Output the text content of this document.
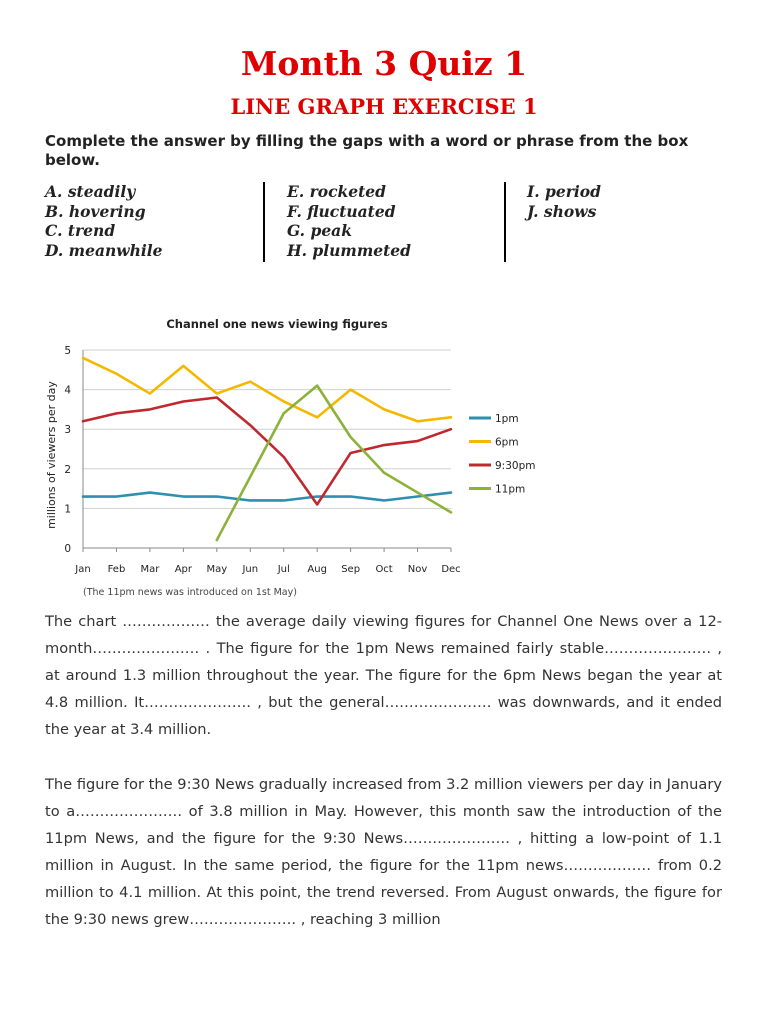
Month 3 Quiz 1
LINE GRAPH EXERCISE 1
Complete the answer by filling the gaps with a word or phrase from the box below.
A. steadily
B. hovering
C. trend
D. meanwhile
E. rocketed
F. fluctuated
G. peak
H. plummeted
I. period
J. shows
Channel one news viewing figures
0
1
2
3
4
5
Jan Feb Mar Apr May Jun Jul Aug Sep Oct Nov Dec
millions of viewers per day	1pm
6pm
9:30pm
11pm
(The 11pm news was introduced on 1st May)
The chart ……………… the average daily viewing figures for Channel One News over a 12-month…………………. . The figure for the 1pm News remained fairly stable…………………. , at around 1.3 million throughout the year. The figure for the 6pm News began the year at 4.8 million. It…………………. , but the general…………………. was downwards, and it ended the year at 3.4 million.
The figure for the 9:30 News gradually increased from 3.2 million viewers per day in January to a…………………. of 3.8 million in May. However, this month saw the introduction of the 11pm News, and the figure for the 9:30 News…………………. , hitting a low-point of 1.1 million in August. In the same period, the figure for the 11pm news……………… from 0.2 million to 4.1 million. At this point, the trend reversed. From August onwards, the figure for the 9:30 news grew…………………. , reaching 3 million
